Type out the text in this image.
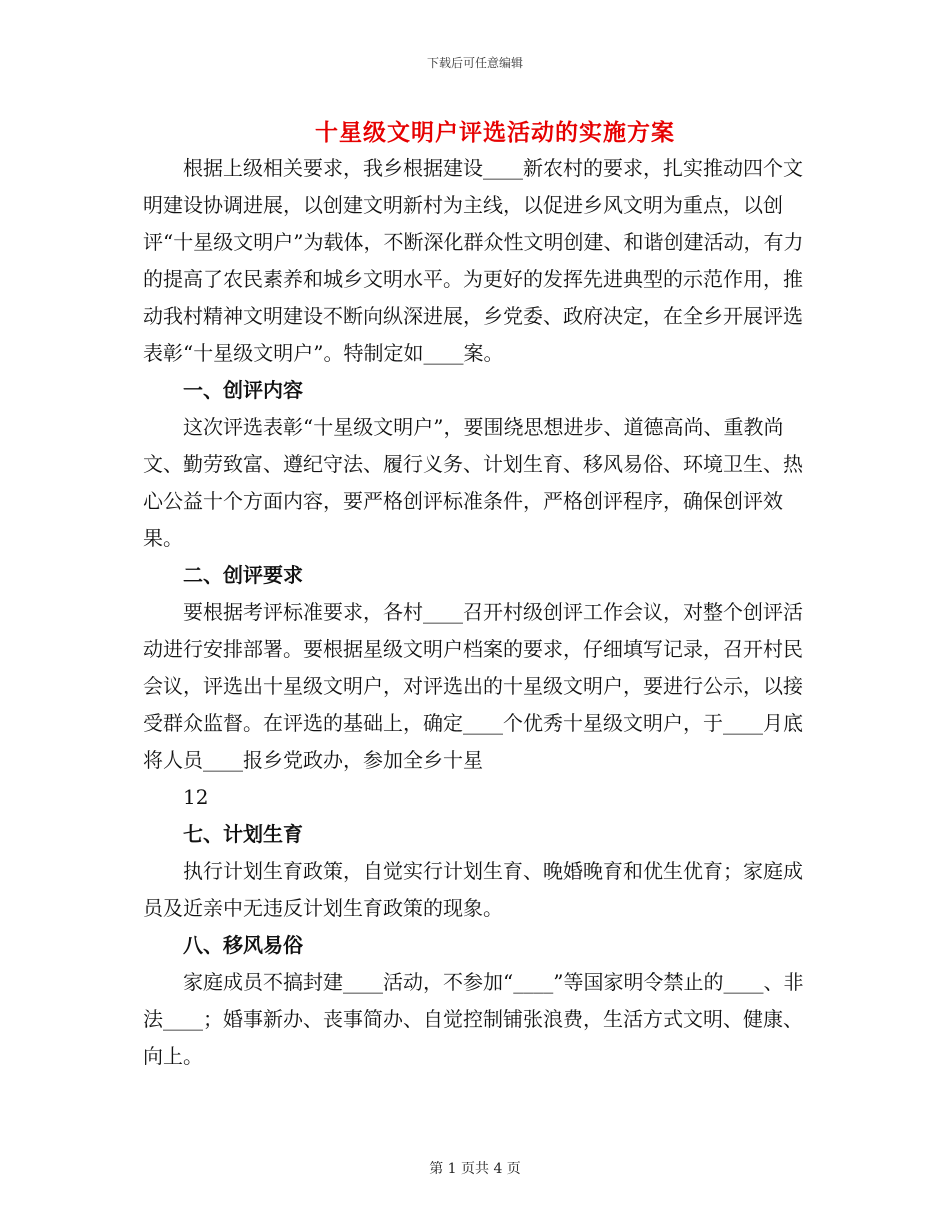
下载后可任意编辑
十星级文明户评选活动的实施方案

根据上级相关要求，我乡根据建设____新农村的要求，扎实推动四个文明建设协调进展，以创建文明新村为主线，以促进乡风文明为重点，以创评“十星级文明户”为载体，不断深化群众性文明创建、和谐创建活动，有力的提高了农民素养和城乡文明水平。为更好的发挥先进典型的示范作用，推动我村精神文明建设不断向纵深进展，乡党委、政府决定，在全乡开展评选表彰“十星级文明户”。特制定如____案。

一、创评内容

这次评选表彰“十星级文明户”，要围绕思想进步、道德高尚、重教尚文、勤劳致富、遵纪守法、履行义务、计划生育、移风易俗、环境卫生、热心公益十个方面内容，要严格创评标准条件，严格创评程序，确保创评效果。

二、创评要求

要根据考评标准要求，各村____召开村级创评工作会议，对整个创评活动进行安排部署。要根据星级文明户档案的要求，仔细填写记录，召开村民会议，评选出十星级文明户，对评选出的十星级文明户，要进行公示，以接受群众监督。在评选的基础上，确定____个优秀十星级文明户，于____月底将人员____报乡党政办，参加全乡十星

12

七、计划生育

执行计划生育政策，自觉实行计划生育、晚婚晚育和优生优育；家庭成员及近亲中无违反计划生育政策的现象。

八、移风易俗

家庭成员不搞封建____活动，不参加“____”等国家明令禁止的____、非法____；婚事新办、丧事简办、自觉控制铺张浪费，生活方式文明、健康、向上。

第 1 页共 4 页
